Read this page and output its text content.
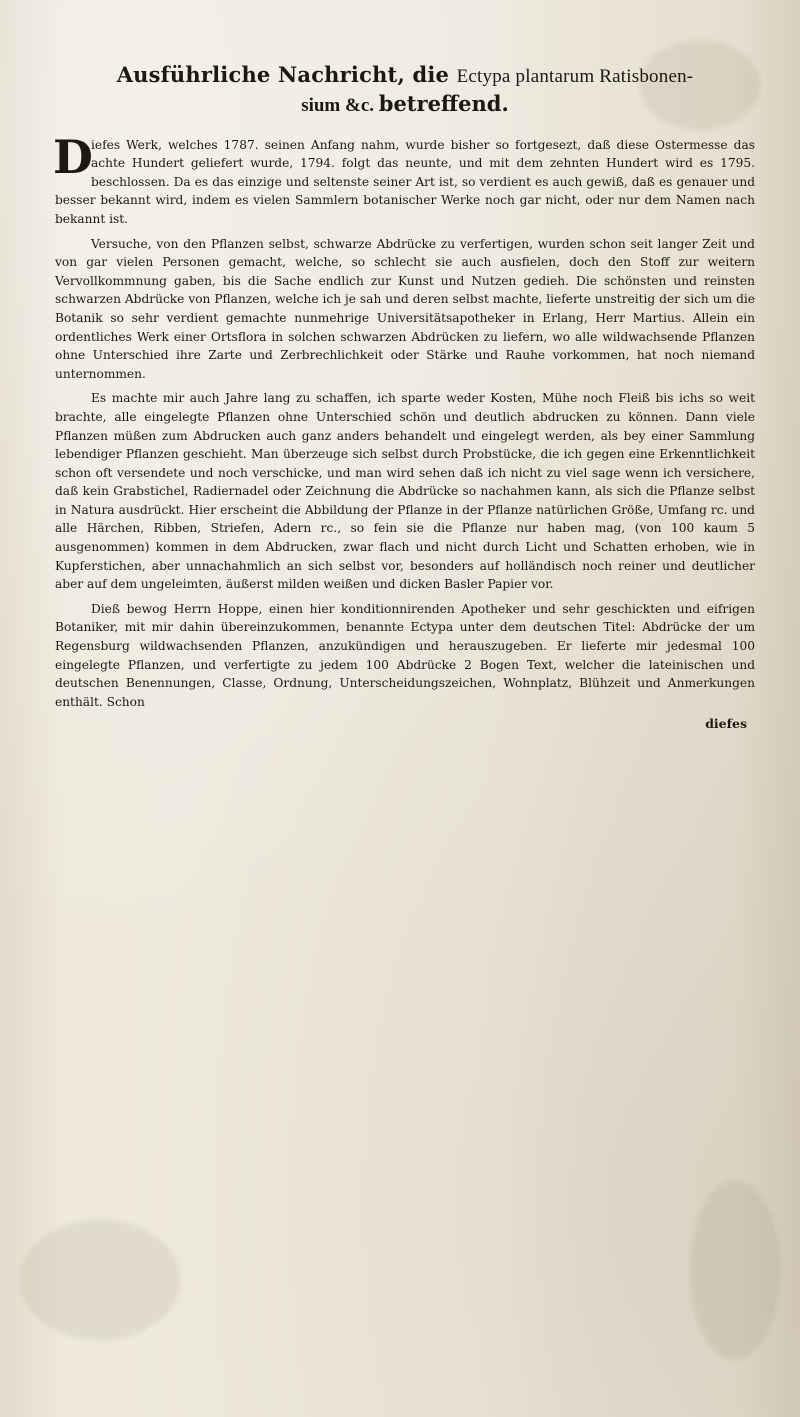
Ausführliche Nachricht, die Ectypa plantarum Ratisbonen-
sium &c. betreffend.

D
iefes Werk, welches 1787. seinen Anfang nahm, wurde bisher so fortgesezt, daß diese Ostermesse das achte Hundert geliefert wurde, 1794. folgt das neunte, und mit dem zehnten Hundert wird es 1795. beschlossen. Da es das einzige und seltenste seiner Art ist, so verdient es auch gewiß, daß es genauer und besser bekannt wird, indem es vielen Sammlern botanischer Werke noch gar nicht, oder nur dem Namen nach bekannt ist.

Versuche, von den Pflanzen selbst, schwarze Abdrücke zu verfertigen, wurden schon seit langer Zeit und von gar vielen Personen gemacht, welche, so schlecht sie auch ausfielen, doch den Stoff zur weitern Vervollkommnung gaben, bis die Sache endlich zur Kunst und Nutzen gedieh. Die schönsten und reinsten schwarzen Abdrücke von Pflanzen, welche ich je sah und deren selbst machte, lieferte unstreitig der sich um die Botanik so sehr verdient gemachte nunmehrige Universitätsapotheker in Erlang, Herr Martius. Allein ein ordentliches Werk einer Ortsflora in solchen schwarzen Abdrücken zu liefern, wo alle wildwachsende Pflanzen ohne Unterschied ihre Zarte und Zerbrechlichkeit oder Stärke und Rauhe vorkommen, hat noch niemand unternommen.

Es machte mir auch Jahre lang zu schaffen, ich sparte weder Kosten, Mühe noch Fleiß bis ichs so weit brachte, alle eingelegte Pflanzen ohne Unterschied schön und deutlich abdrucken zu können. Dann viele Pflanzen müßen zum Abdrucken auch ganz anders behandelt und eingelegt werden, als bey einer Sammlung lebendiger Pflanzen geschieht. Man überzeuge sich selbst durch Probstücke, die ich gegen eine Erkenntlichkeit schon oft versendete und noch verschicke, und man wird sehen daß ich nicht zu viel sage wenn ich versichere, daß kein Grabstichel, Radiernadel oder Zeichnung die Abdrücke so nachahmen kann, als sich die Pflanze selbst in Natura ausdrückt. Hier erscheint die Abbildung der Pflanze in der Pflanze natürlichen Größe, Umfang rc. und alle Härchen, Ribben, Striefen, Adern rc., so fein sie die Pflanze nur haben mag, (von 100 kaum 5 ausgenommen) kommen in dem Abdrucken, zwar flach und nicht durch Licht und Schatten erhoben, wie in Kupferstichen, aber unnachahmlich an sich selbst vor, besonders auf holländisch noch reiner und deutlicher aber auf dem ungeleimten, äußerst milden weißen und dicken Basler Papier vor.

Dieß bewog Herrn Hoppe, einen hier konditionnirenden Apotheker und sehr geschickten und eifrigen Botaniker, mit mir dahin übereinzukommen, benannte Ectypa unter dem deutschen Titel: Abdrücke der um Regensburg wildwachsenden Pflanzen, anzukündigen und herauszugeben. Er lieferte mir jedesmal 100 eingelegte Pflanzen, und verfertigte zu jedem 100 Abdrücke 2 Bogen Text, welcher die lateinischen und deutschen Benennungen, Classe, Ordnung, Unterscheidungszeichen, Wohnplatz, Blühzeit und Anmerkungen enthält. Schon

diefes
